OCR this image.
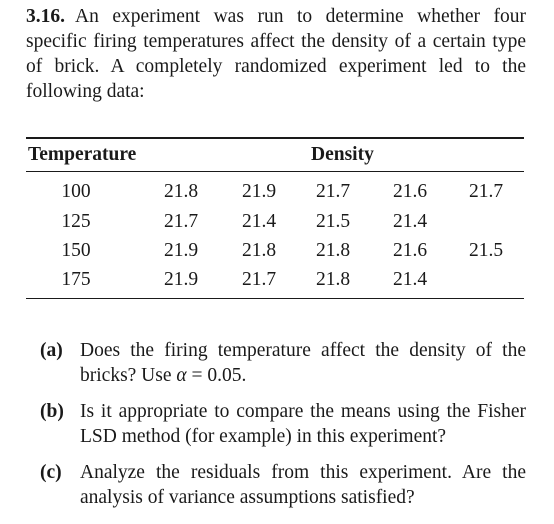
3.16. An experiment was run to determine whether four specific firing temperatures affect the density of a certain type of brick. A completely randomized experiment led to the following data:
Temperature	Density
100	21.8	21.9	21.7	21.6	21.7
125	21.7	21.4	21.5	21.4
150	21.9	21.8	21.8	21.6	21.5
175	21.9	21.7	21.8	21.4
(a) Does the firing temperature affect the density of the bricks? Use α = 0.05.
(b) Is it appropriate to compare the means using the Fisher LSD method (for example) in this experiment?
(c) Analyze the residuals from this experiment. Are the analysis of variance assumptions satisfied?
